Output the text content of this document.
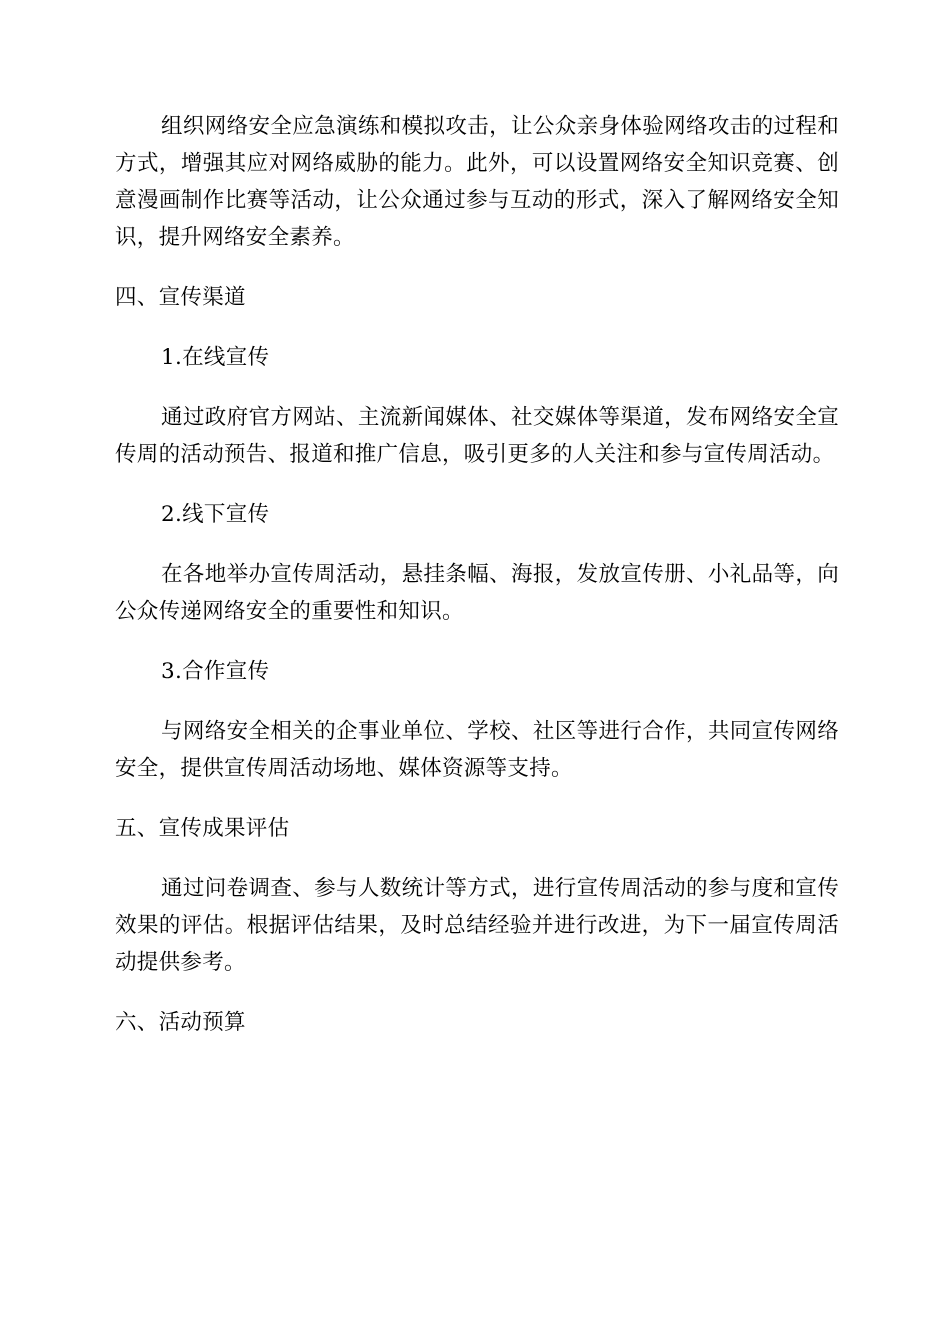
组织网络安全应急演练和模拟攻击，让公众亲身体验网络攻击的过程和方式，增强其应对网络威胁的能力。此外，可以设置网络安全知识竞赛、创意漫画制作比赛等活动，让公众通过参与互动的形式，深入了解网络安全知识，提升网络安全素养。

四、宣传渠道

1.在线宣传

通过政府官方网站、主流新闻媒体、社交媒体等渠道，发布网络安全宣传周的活动预告、报道和推广信息，吸引更多的人关注和参与宣传周活动。

2.线下宣传

在各地举办宣传周活动，悬挂条幅、海报，发放宣传册、小礼品等，向公众传递网络安全的重要性和知识。

3.合作宣传

与网络安全相关的企事业单位、学校、社区等进行合作，共同宣传网络安全，提供宣传周活动场地、媒体资源等支持。

五、宣传成果评估

通过问卷调查、参与人数统计等方式，进行宣传周活动的参与度和宣传效果的评估。根据评估结果，及时总结经验并进行改进，为下一届宣传周活动提供参考。

六、活动预算
